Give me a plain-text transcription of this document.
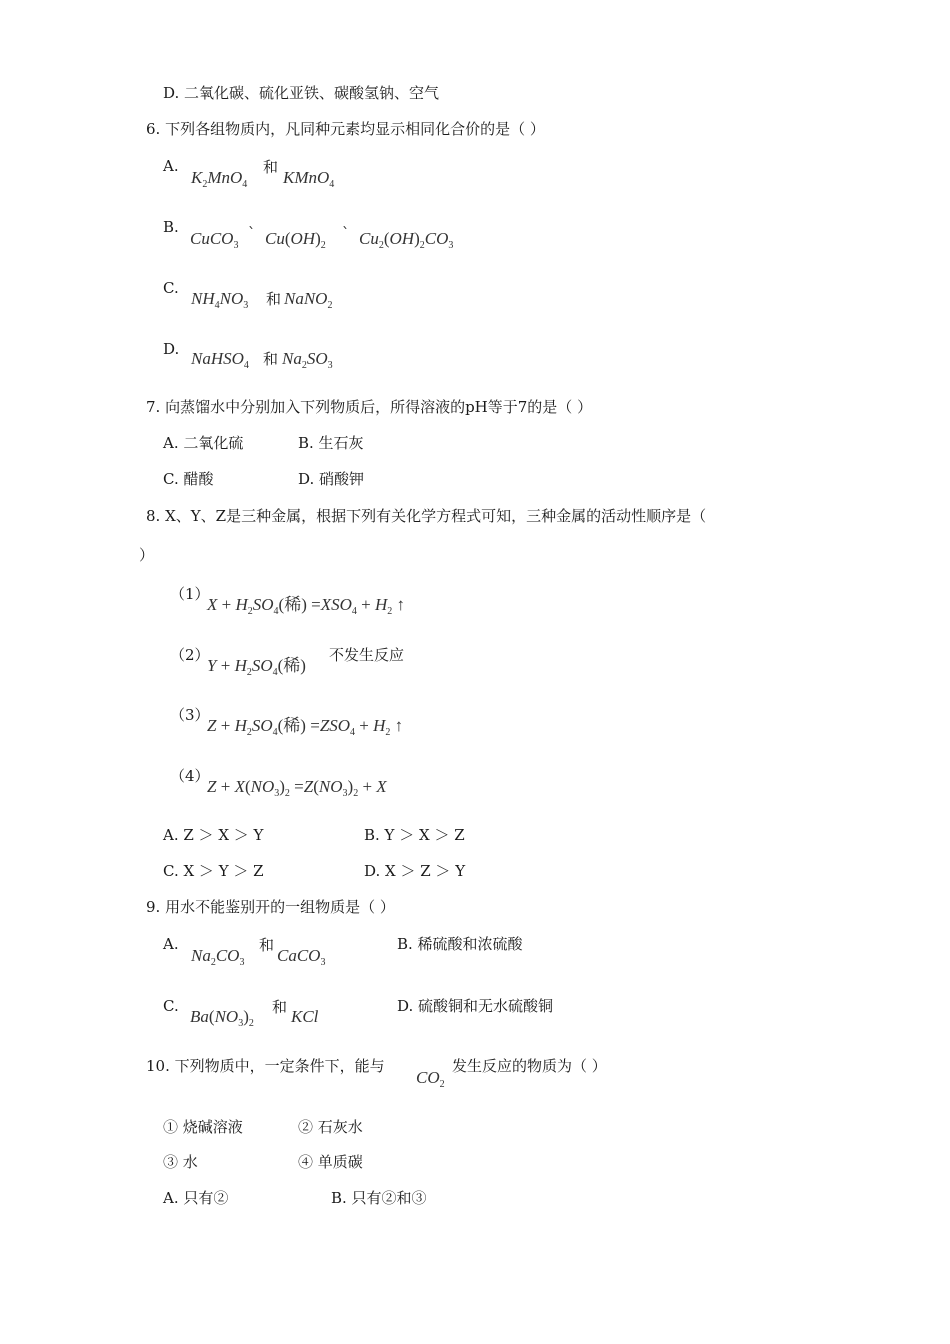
D. 二氧化碳、硫化亚铁、碳酸氢钠、空气
6. 下列各组物质内，凡同种元素均显示相同化合价的是（ ）
A.
$K_2MnO_4$
和
KMnO$_4$
B.
CuCO$_3$
` $Cu(OH)_2$
` $Cu_2(OH)_2CO_3$
C.
$NH_4NO_3$ 和 NaNO$_2$
D. NaHSO$_4$ 和 $Na_2SO_3$
7. 向蒸馏水中分别加入下列物质后，所得溶液的pH等于7的是（ ）
A. 二氧化硫	B. 生石灰
C. 醋酸	D. 硝酸钾
8. X、Y、Z是三种金属，根据下列有关化学方程式可知，三种金属的活动性顺序是（
）
（1）
$X + H_2SO_4$(稀) $=XSO_4 + H_2$ ↑
（2）
$Y + H_2SO_4$(稀)
不发生反应
（3）
$Z + H_2SO_4$(稀) $=ZSO_4 + H_2$ ↑
（4）
$Z + X(NO_3)_2 =Z(NO_3)_2 + X$
A. Z ＞ X ＞ Y	B. Y ＞ X ＞ Z
C. X ＞ Y ＞ Z	D. X ＞ Z ＞ Y
9. 用水不能鉴别开的一组物质是（ ）
A.
$Na_2CO_3$
和
CaCO$_3$
B. 稀硫酸和浓硫酸
C.
$Ba(NO_3)_2$
和 KCl
D. 硫酸铜和无水硫酸铜
10. 下列物质中，一定条件下，能与
$CO_2$
发生反应的物质为（ ）
① 烧碱溶液	② 石灰水
③ 水	④ 单质碳
A. 只有②	B. 只有②和③
